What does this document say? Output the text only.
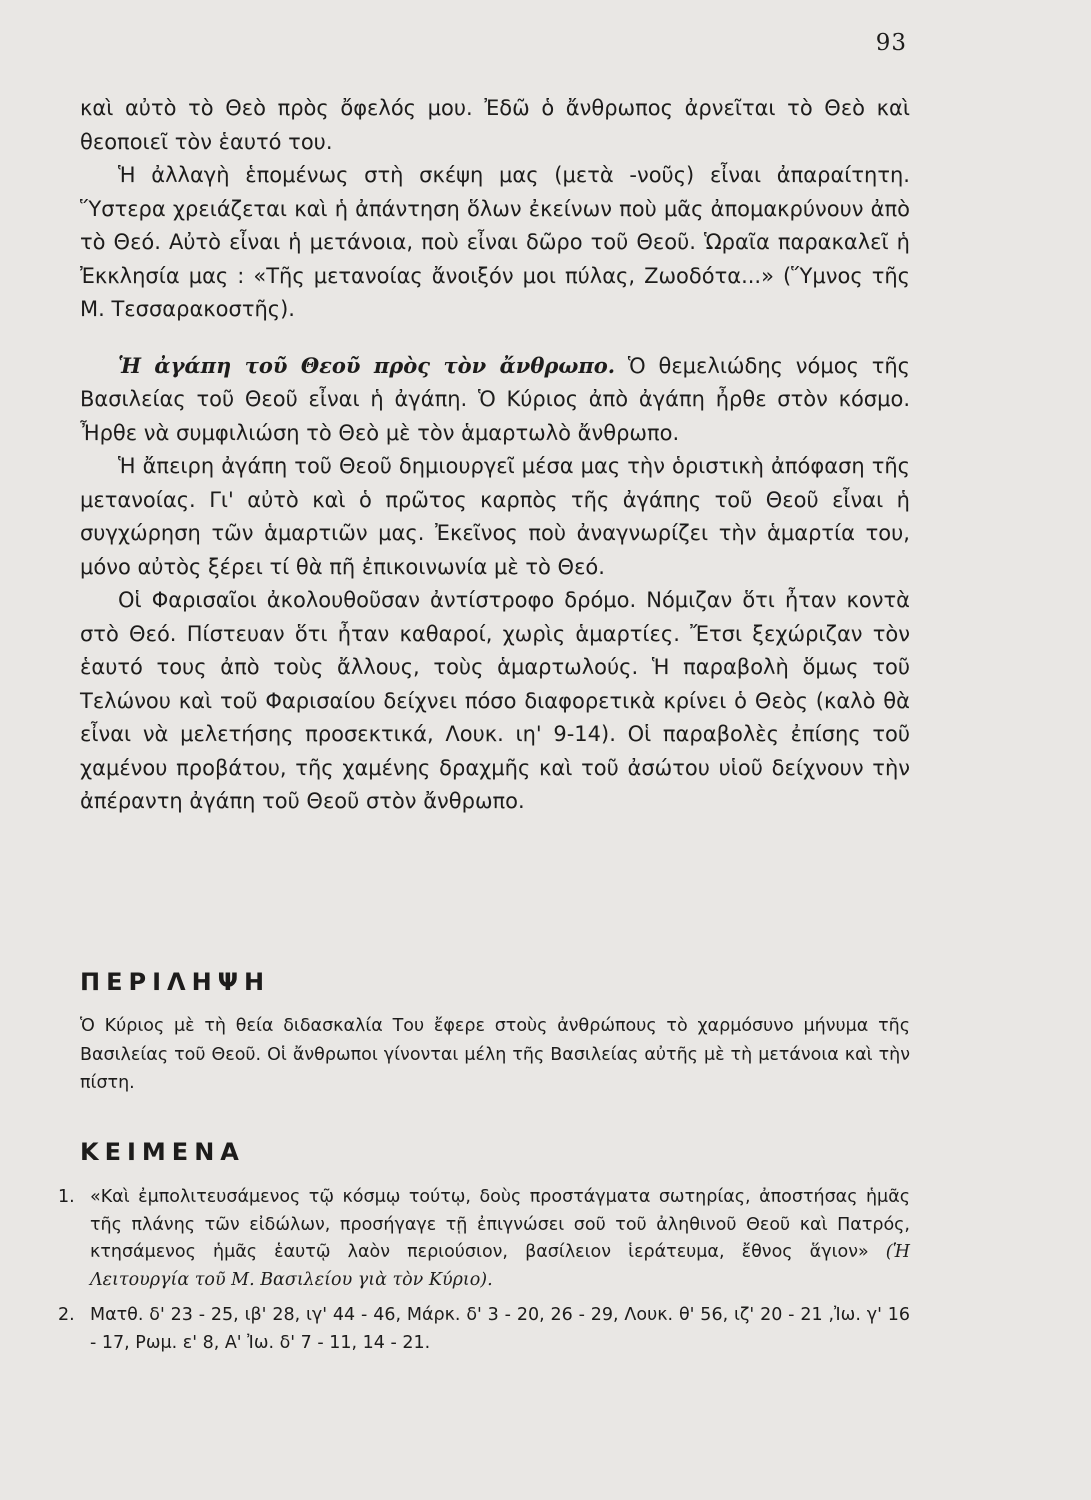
93

καὶ αὐτὸ τὸ Θεὸ πρὸς ὄφελός μου. Ἐδῶ ὁ ἄνθρωπος ἀρνεῖται τὸ Θεὸ καὶ θεοποιεῖ τὸν ἑαυτό του.

Ἡ ἀλλαγὴ ἑπομένως στὴ σκέψη μας (μετὰ -νοῦς) εἶναι ἀπαραίτητη. Ὕστερα χρειάζεται καὶ ἡ ἀπάντηση ὅλων ἐκείνων ποὺ μᾶς ἀπομακρύνουν ἀπὸ τὸ Θεό. Αὐτὸ εἶναι ἡ μετάνοια, ποὺ εἶναι δῶρο τοῦ Θεοῦ. Ὡραῖα παρακαλεῖ ἡ Ἐκκλησία μας : «Τῆς μετανοίας ἄνοιξόν μοι πύλας, Ζωοδότα...» (Ὕμνος τῆς Μ. Τεσσαρακοστῆς).

Ἡ ἀγάπη τοῦ Θεοῦ πρὸς τὸν ἄνθρωπο. Ὁ θεμελιώδης νόμος τῆς Βασιλείας τοῦ Θεοῦ εἶναι ἡ ἀγάπη. Ὁ Κύριος ἀπὸ ἀγάπη ἦρθε στὸν κόσμο. Ἦρθε νὰ συμφιλιώση τὸ Θεὸ μὲ τὸν ἁμαρτωλὸ ἄνθρωπο.

Ἡ ἄπειρη ἀγάπη τοῦ Θεοῦ δημιουργεῖ μέσα μας τὴν ὁριστικὴ ἀπόφαση τῆς μετανοίας. Γι' αὐτὸ καὶ ὁ πρῶτος καρπὸς τῆς ἀγάπης τοῦ Θεοῦ εἶναι ἡ συγχώρηση τῶν ἁμαρτιῶν μας. Ἐκεῖνος ποὺ ἀναγνωρίζει τὴν ἁμαρτία του, μόνο αὐτὸς ξέρει τί θὰ πῆ ἐπικοινωνία μὲ τὸ Θεό.

Οἱ Φαρισαῖοι ἀκολουθοῦσαν ἀντίστροφο δρόμο. Νόμιζαν ὅτι ἦταν κοντὰ στὸ Θεό. Πίστευαν ὅτι ἦταν καθαροί, χωρὶς ἁμαρτίες. Ἔτσι ξεχώριζαν τὸν ἑαυτό τους ἀπὸ τοὺς ἄλλους, τοὺς ἁμαρτωλούς. Ἡ παραβολὴ ὅμως τοῦ Τελώνου καὶ τοῦ Φαρισαίου δείχνει πόσο διαφορετικὰ κρίνει ὁ Θεὸς (καλὸ θὰ εἶναι νὰ μελετήσης προσεκτικά, Λουκ. ιη' 9-14). Οἱ παραβολὲς ἐπίσης τοῦ χαμένου προβάτου, τῆς χαμένης δραχμῆς καὶ τοῦ ἀσώτου υἱοῦ δείχνουν τὴν ἀπέραντη ἀγάπη τοῦ Θεοῦ στὸν ἄνθρωπο.

ΠΕΡΙΛΗΨΗ

Ὁ Κύριος μὲ τὴ θεία διδασκαλία Του ἔφερε στοὺς ἀνθρώπους τὸ χαρμόσυνο μήνυμα τῆς Βασιλείας τοῦ Θεοῦ. Οἱ ἄνθρωποι γίνονται μέλη τῆς Βασιλείας αὐτῆς μὲ τὴ μετάνοια καὶ τὴν πίστη.

ΚΕΙΜΕΝΑ
1. «Καὶ ἐμπολιτευσάμενος τῷ κόσμῳ τούτῳ, δοὺς προστάγματα σωτηρίας, ἀποστήσας ἡμᾶς τῆς πλάνης τῶν εἰδώλων, προσήγαγε τῇ ἐπιγνώσει σοῦ τοῦ ἀληθινοῦ Θεοῦ καὶ Πατρός, κτησάμενος ἡμᾶς ἑαυτῷ λαὸν περιούσιον, βασίλειον ἱεράτευμα, ἔθνος ἅγιον» (Ἡ Λειτουργία τοῦ Μ. Βασιλείου γιὰ τὸν Κύριο).
2. Ματθ. δ' 23 - 25, ιβ' 28, ιγ' 44 - 46, Μάρκ. δ' 3 - 20, 26 - 29, Λουκ. θ' 56, ιζ' 20 - 21 ,Ἰω. γ' 16 - 17, Ρωμ. ε' 8, Α' Ἰω. δ' 7 - 11, 14 - 21.
